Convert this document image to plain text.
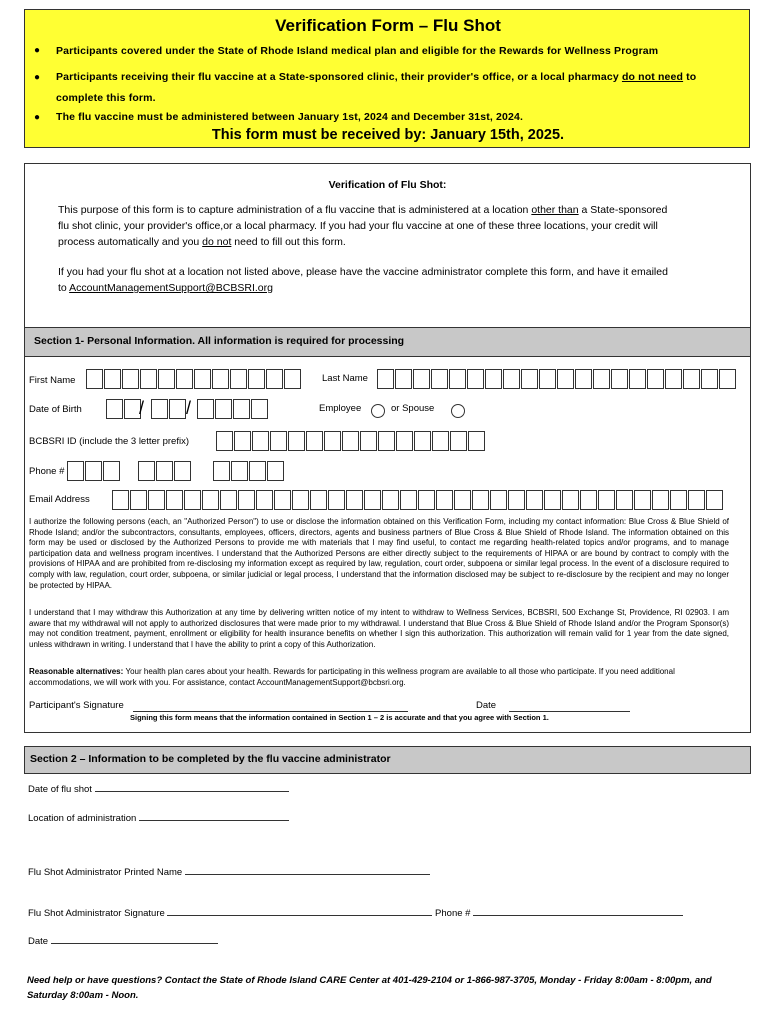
Verification Form – Flu Shot
● Participants covered under the State of Rhode Island medical plan and eligible for the Rewards for Wellness Program
● Participants receiving their flu vaccine at a State-sponsored clinic, their provider's office, or a local pharmacy do not need to
complete this form.
● The flu vaccine must be administered between January 1st, 2024 and December 31st, 2024.
This form must be received by: January 15th, 2025.
Verification of Flu Shot:
This purpose of this form is to capture administration of a flu vaccine that is administered at a location other than a State-sponsored
flu shot clinic, your provider's office,or a local pharmacy. If you had your flu vaccine at one of these three locations, your credit will
process automatically and you do not need to fill out this form.
If you had your flu shot at a location not listed above, please have the vaccine administrator complete this form, and have it emailed
to AccountManagementSupport@BCBSRI.org
Section 1- Personal Information. All information is required for processing
First Name	Last Name
Date of Birth	/ /	Employee	or Spouse
BCBSRI ID (include the 3 letter prefix)
Phone #
Email Address
I authorize the following persons (each, an "Authorized Person") to use or disclose the information obtained on this Verification Form, including my contact information: Blue Cross & Blue Shield of Rhode Island; and/or the subcontractors, consultants, employees, officers, directors, agents and business partners of Blue Cross & Blue Shield of Rhode Island. The information obtained on this form may be used or disclosed by the Authorized Persons to provide me with materials that I may find useful, to contact me regarding health-related topics and/or programs, and to manage participation data and wellness program incentives. I understand that the Authorized Persons are either directly subject to the requirements of HIPAA or are bound by contract to comply with the provisions of HIPAA and are prohibited from re-disclosing my information except as required by law, regulation, court order, subpoena or similar legal process. In the event of a disclosure required to comply with law, regulation, court order, subpoena, or similar judicial or legal process, I understand that the information disclosed may be subject to re-disclosure by the recipient and may no longer be protected by HIPAA.
I understand that I may withdraw this Authorization at any time by delivering written notice of my intent to withdraw to Wellness Services, BCBSRI, 500 Exchange St, Providence, RI 02903. I am aware that my withdrawal will not apply to authorized disclosures that were made prior to my withdrawal. I understand that Blue Cross & Blue Shield of Rhode Island and/or the Program Sponsor(s) may not condition treatment, payment, enrollment or eligibility for health insurance benefits on whether I sign this authorization. This authorization will remain valid for 1 year from the date signed, unless withdrawn in writing. I understand that I have the ability to print a copy of this Authorization.
Reasonable alternatives: Your health plan cares about your health. Rewards for participating in this wellness program are available to all those who participate. If you need additional accommodations, we will work with you. For assistance, contact AccountManagementSupport@bcbsri.org.
Participant's Signature	Date
Signing this form means that the information contained in Section 1 – 2 is accurate and that you agree with Section 1.
Section 2 – Information to be completed by the flu vaccine administrator
Date of flu shot
Location of administration
Flu Shot Administrator Printed Name
Flu Shot Administrator Signature	Phone #
Date
Need help or have questions? Contact the State of Rhode Island CARE Center at 401-429-2104 or 1-866-987-3705, Monday - Friday 8:00am - 8:00pm, and Saturday 8:00am - Noon.
